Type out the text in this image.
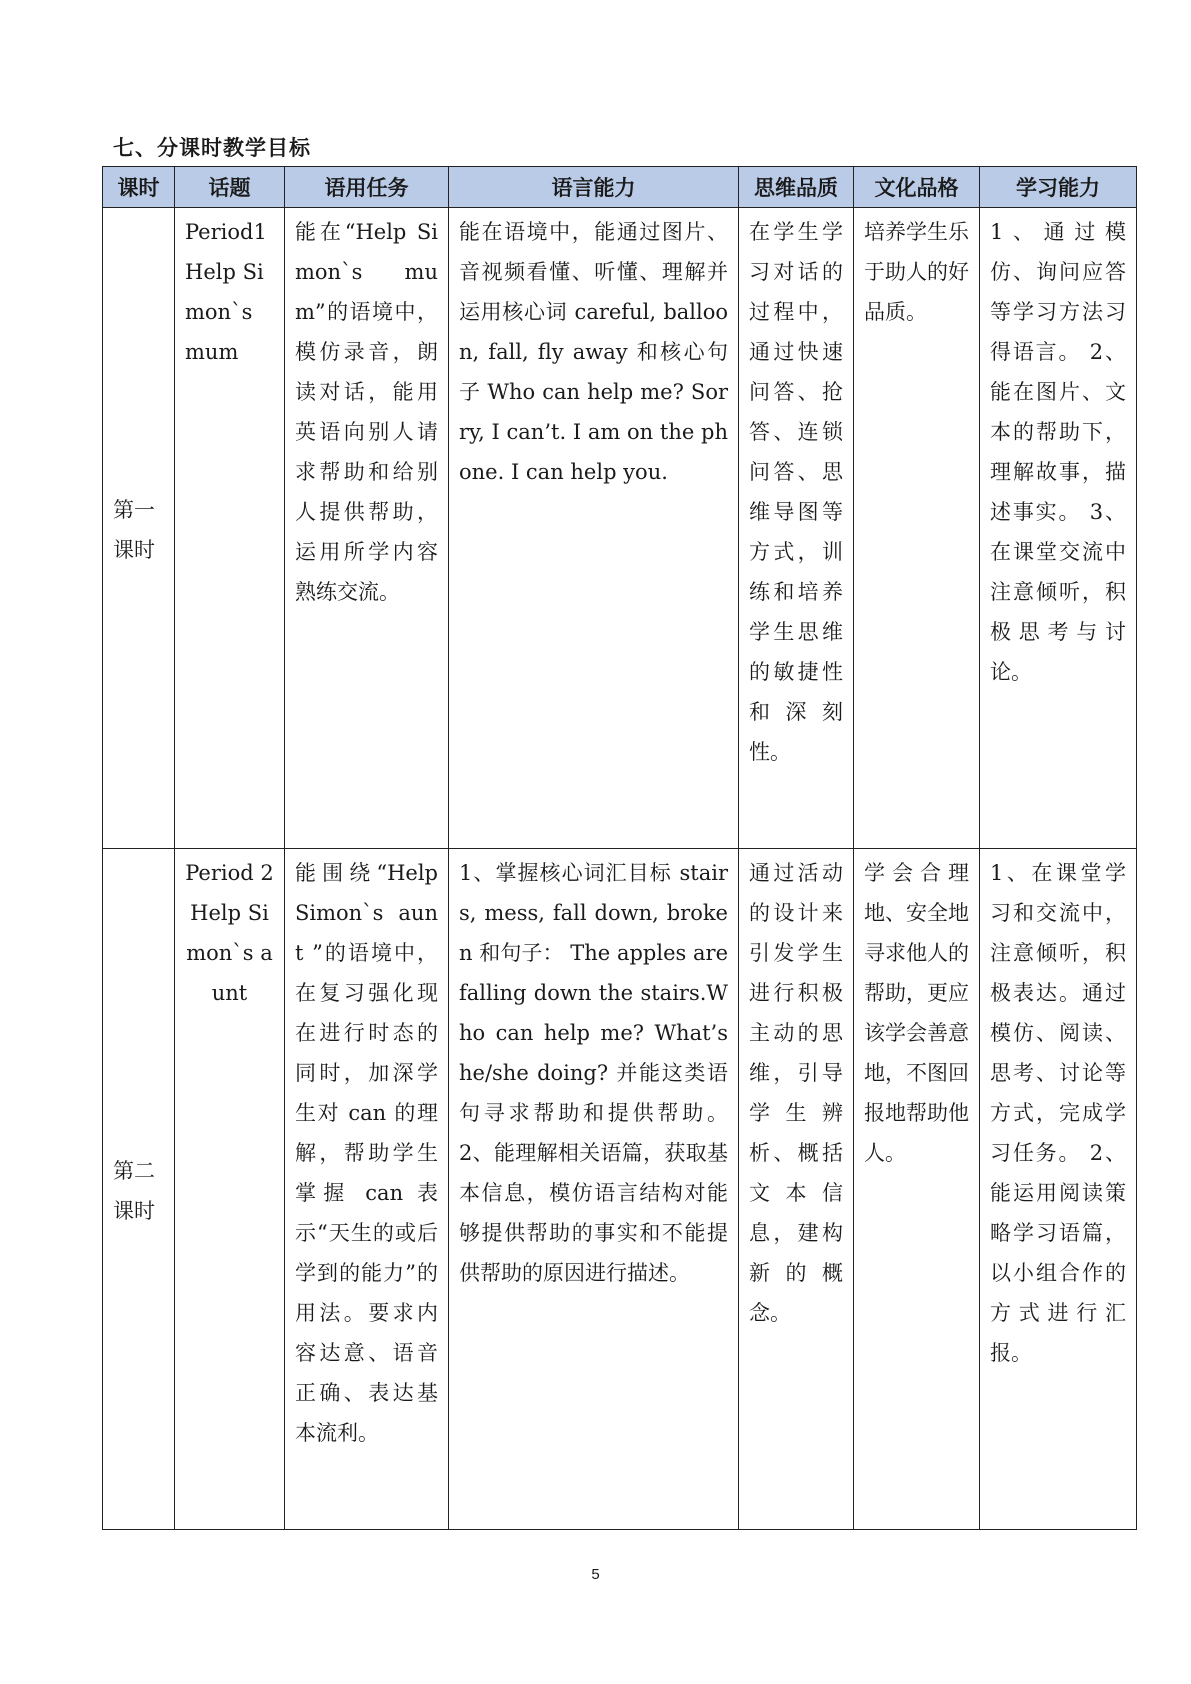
七、分课时教学目标
课时	话题	语用任务	语言能力	思维品质	文化品格	学习能力
第一课时	Period1 Help Simon`s mum	能在“Help Simon`s mum”的语境中，模仿录音，朗读对话，能用英语向别人请求帮助和给别人提供帮助，运用所学内容熟练交流。	能在语境中，能通过图片、音视频看懂、听懂、理解并运用核心词 careful, balloon, fall, fly away 和核心句子 Who can help me? Sorry, I can’t. I am on the phone. I can help you.	在学生学习对话的过程中，通过快速问答、抢答、连锁问答、思维导图等方式，训练和培养学生思维的敏捷性和深刻性。	培养学生乐于助人的好品质。	1、通过模仿、询问应答等学习方法习得语言。 2、能在图片、文本的帮助下，理解故事，描述事实。 3、在课堂交流中注意倾听，积极思考与讨论。
第二课时	Period 2 Help Simon`s aunt	能围绕“Help Simon`s aunt ”的语境中，在复习强化现在进行时态的同时，加深学生对 can 的理解，帮助学生掌握 can 表示“天生的或后学到的能力”的用法。要求内容达意、语音正确、表达基本流利。	1、掌握核心词汇目标 stairs, mess, fall down, broken 和句子： The apples are falling down the stairs.Who can help me? What’s he/she doing? 并能这类语句寻求帮助和提供帮助。 2、能理解相关语篇，获取基本信息，模仿语言结构对能够提供帮助的事实和不能提供帮助的原因进行描述。	通过活动的设计来引发学生进行积极主动的思维，引导学生辨析、概括文本信息，建构新的概念。	学会合理地、安全地寻求他人的帮助，更应该学会善意地，不图回报地帮助他人。	1、在课堂学习和交流中，注意倾听，积极表达。通过模仿、阅读、思考、讨论等方式，完成学习任务。 2、能运用阅读策略学习语篇，以小组合作的方式进行汇报。
5
